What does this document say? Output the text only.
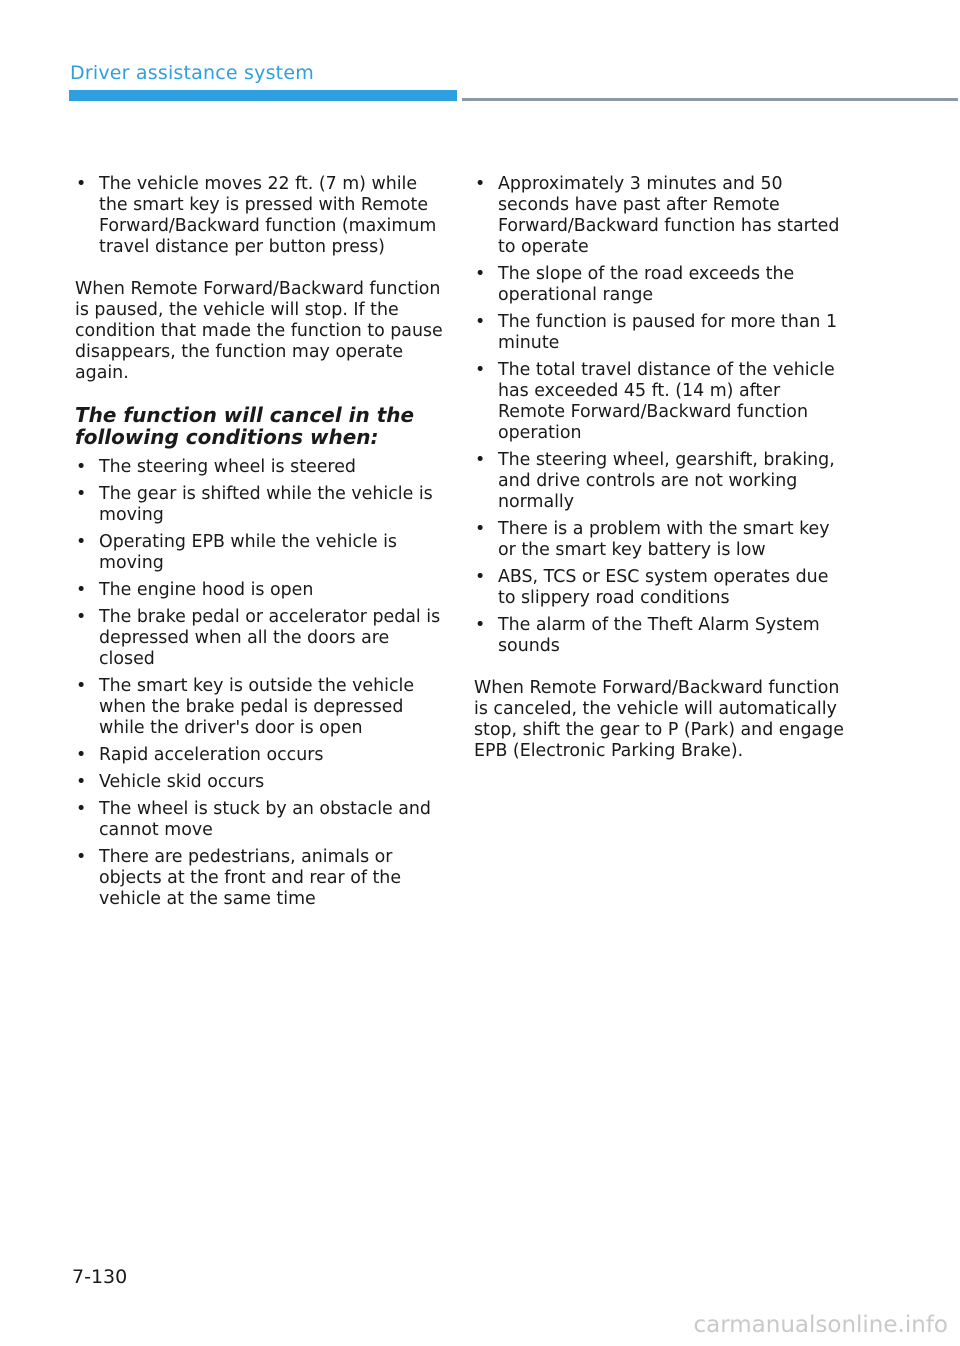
Driver assistance system
• The vehicle moves 22 ft. (7 m) while the smart key is pressed with Remote Forward/Backward function (maximum travel distance per button press)

When Remote Forward/Backward function is paused, the vehicle will stop. If the condition that made the function to pause disappears, the function may operate again.

The function will cancel in the following conditions when:
• The steering wheel is steered
• The gear is shifted while the vehicle is moving
• Operating EPB while the vehicle is moving
• The engine hood is open
• The brake pedal or accelerator pedal is depressed when all the doors are closed
• The smart key is outside the vehicle when the brake pedal is depressed while the driver's door is open
• Rapid acceleration occurs
• Vehicle skid occurs
• The wheel is stuck by an obstacle and cannot move
• There are pedestrians, animals or objects at the front and rear of the vehicle at the same time
• Approximately 3 minutes and 50 seconds have past after Remote Forward/Backward function has started to operate
• The slope of the road exceeds the operational range
• The function is paused for more than 1 minute
• The total travel distance of the vehicle has exceeded 45 ft. (14 m) after Remote Forward/Backward function operation
• The steering wheel, gearshift, braking, and drive controls are not working normally
• There is a problem with the smart key or the smart key battery is low
• ABS, TCS or ESC system operates due to slippery road conditions
• The alarm of the Theft Alarm System sounds

When Remote Forward/Backward function is canceled, the vehicle will automatically stop, shift the gear to P (Park) and engage EPB (Electronic Parking Brake).

7-130
carmanualsonline.info
